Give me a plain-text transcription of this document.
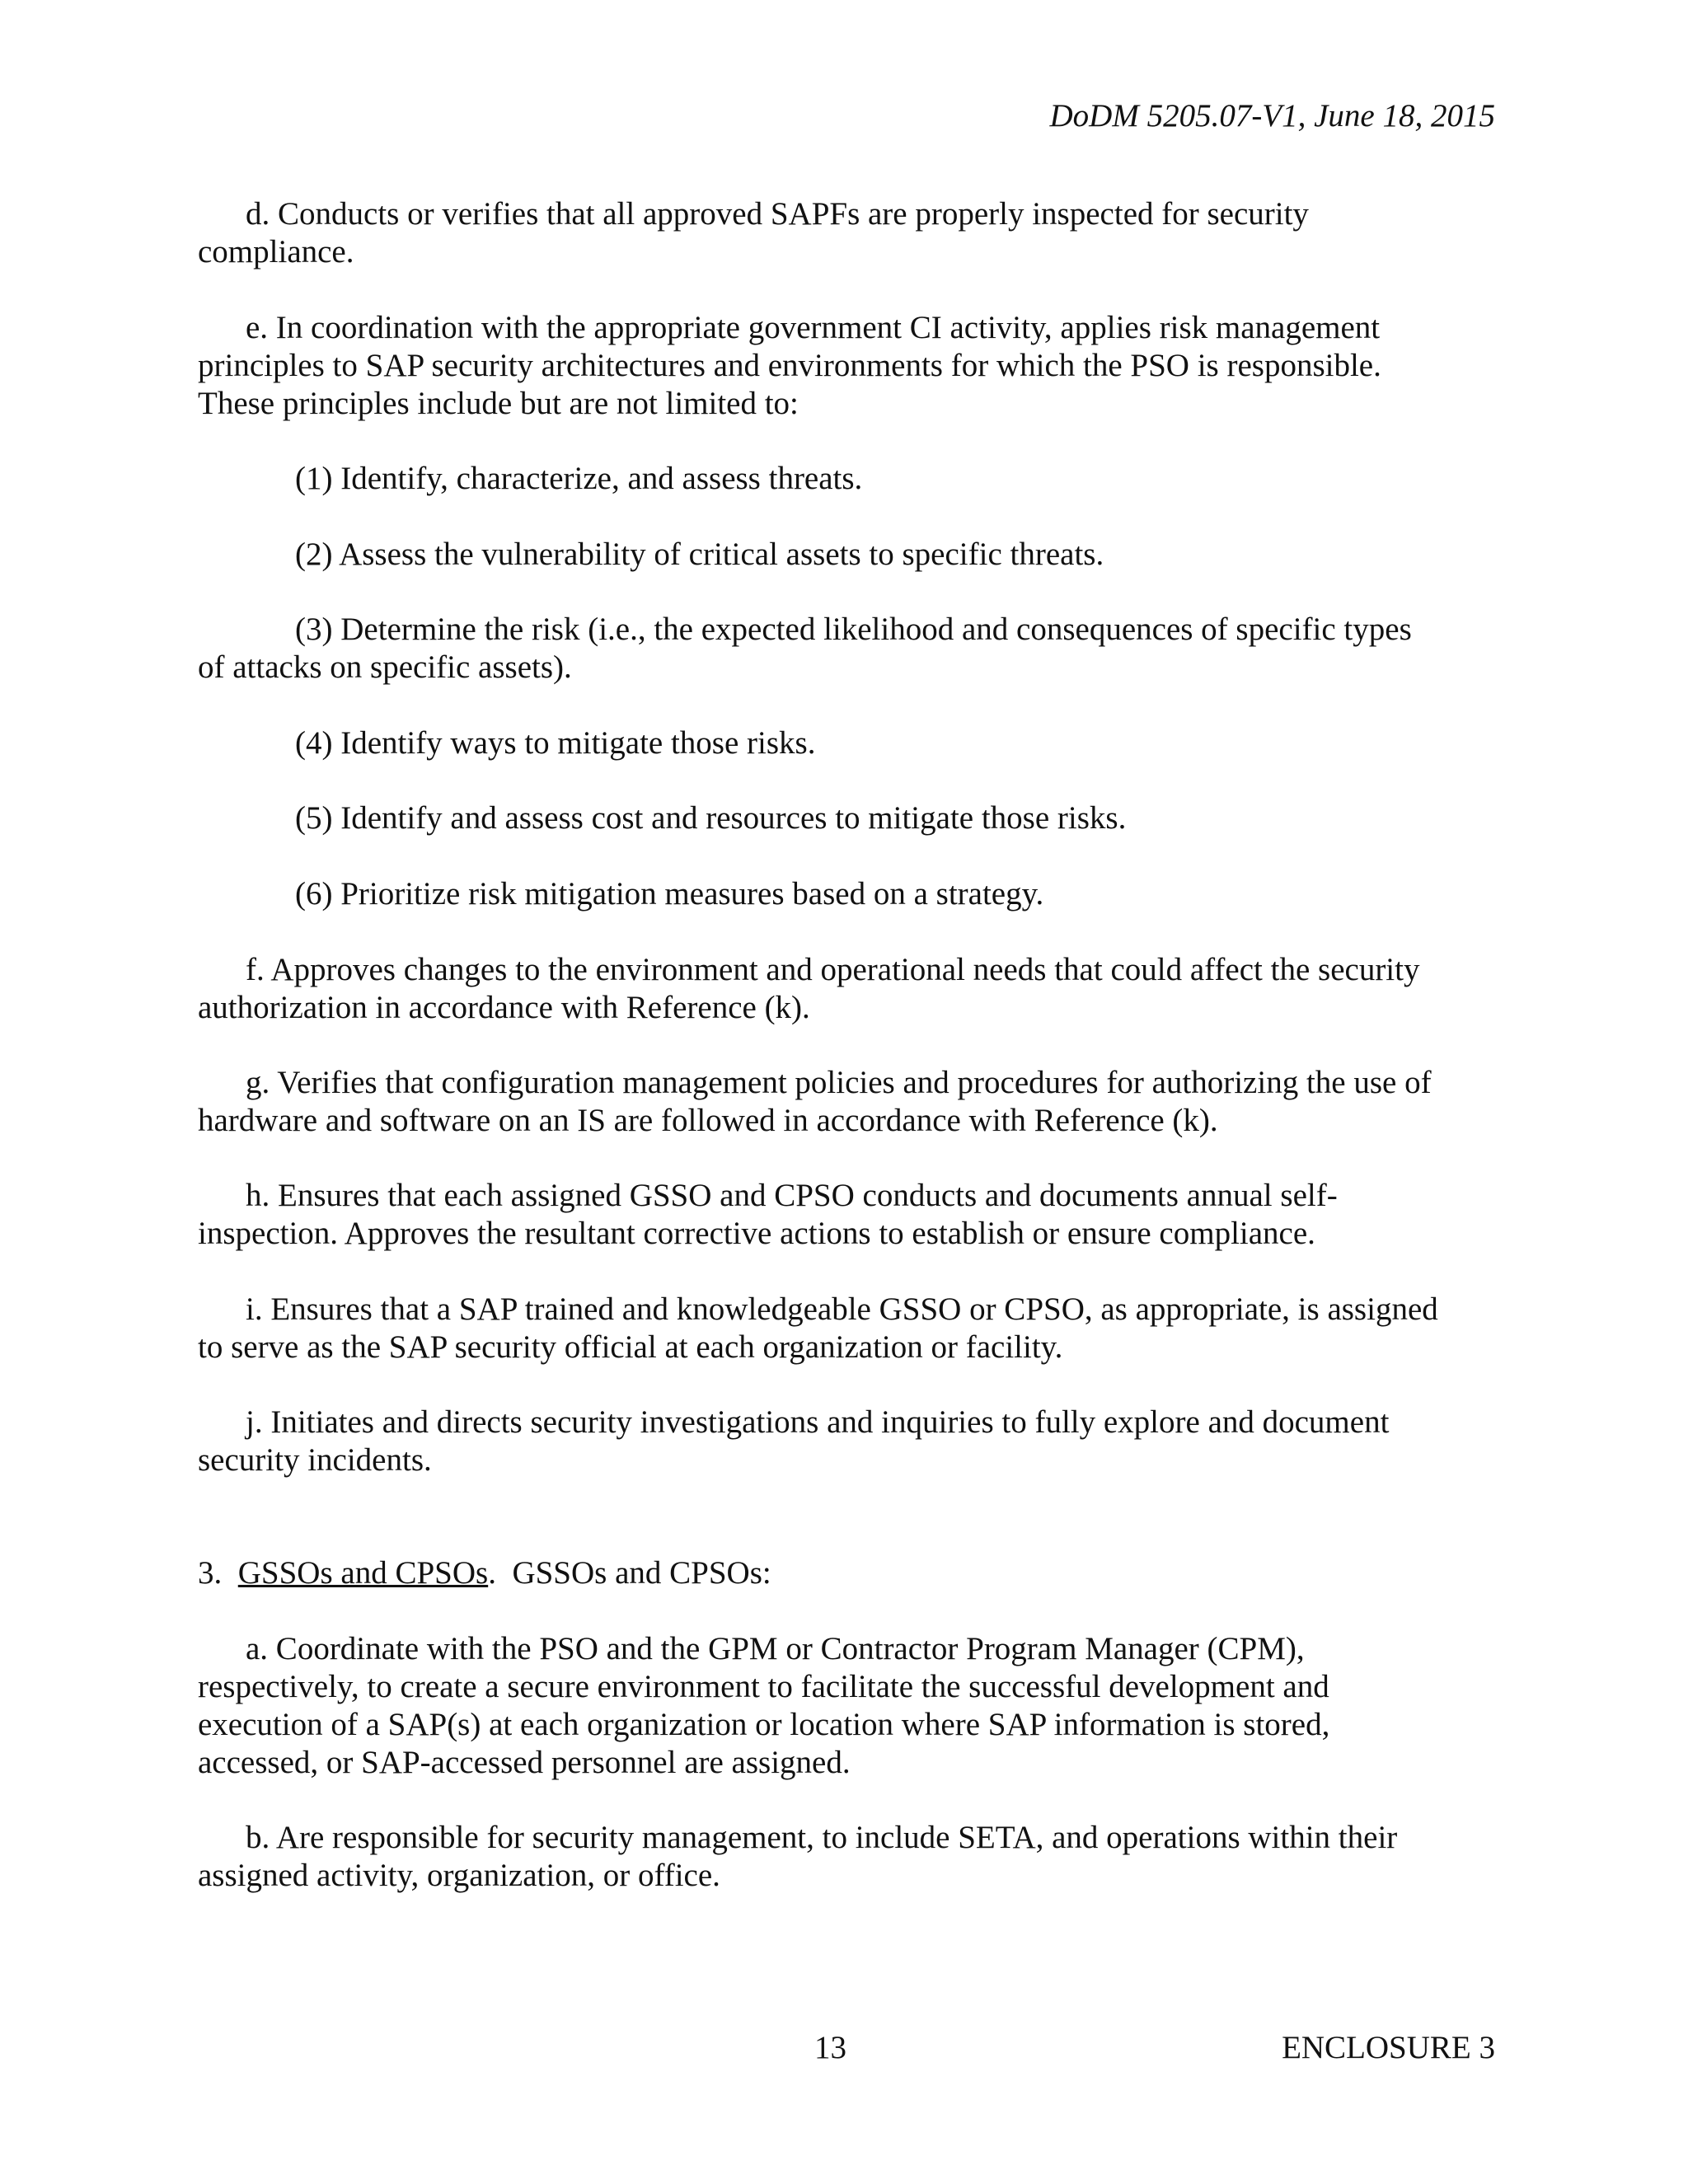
DoDM 5205.07-V1, June 18, 2015
d. Conducts or verifies that all approved SAPFs are properly inspected for security
compliance.
e. In coordination with the appropriate government CI activity, applies risk management
principles to SAP security architectures and environments for which the PSO is responsible.
These principles include but are not limited to:
(1) Identify, characterize, and assess threats.
(2) Assess the vulnerability of critical assets to specific threats.
(3) Determine the risk (i.e., the expected likelihood and consequences of specific types
of attacks on specific assets).
(4) Identify ways to mitigate those risks.
(5) Identify and assess cost and resources to mitigate those risks.
(6) Prioritize risk mitigation measures based on a strategy.
f. Approves changes to the environment and operational needs that could affect the security
authorization in accordance with Reference (k).
g. Verifies that configuration management policies and procedures for authorizing the use of
hardware and software on an IS are followed in accordance with Reference (k).
h. Ensures that each assigned GSSO and CPSO conducts and documents annual self-
inspection. Approves the resultant corrective actions to establish or ensure compliance.
i. Ensures that a SAP trained and knowledgeable GSSO or CPSO, as appropriate, is assigned
to serve as the SAP security official at each organization or facility.
j. Initiates and directs security investigations and inquiries to fully explore and document
security incidents.
3.  GSSOs and CPSOs.  GSSOs and CPSOs:
a. Coordinate with the PSO and the GPM or Contractor Program Manager (CPM),
respectively, to create a secure environment to facilitate the successful development and
execution of a SAP(s) at each organization or location where SAP information is stored,
accessed, or SAP-accessed personnel are assigned.
b. Are responsible for security management, to include SETA, and operations within their
assigned activity, organization, or office.
13	ENCLOSURE 3
